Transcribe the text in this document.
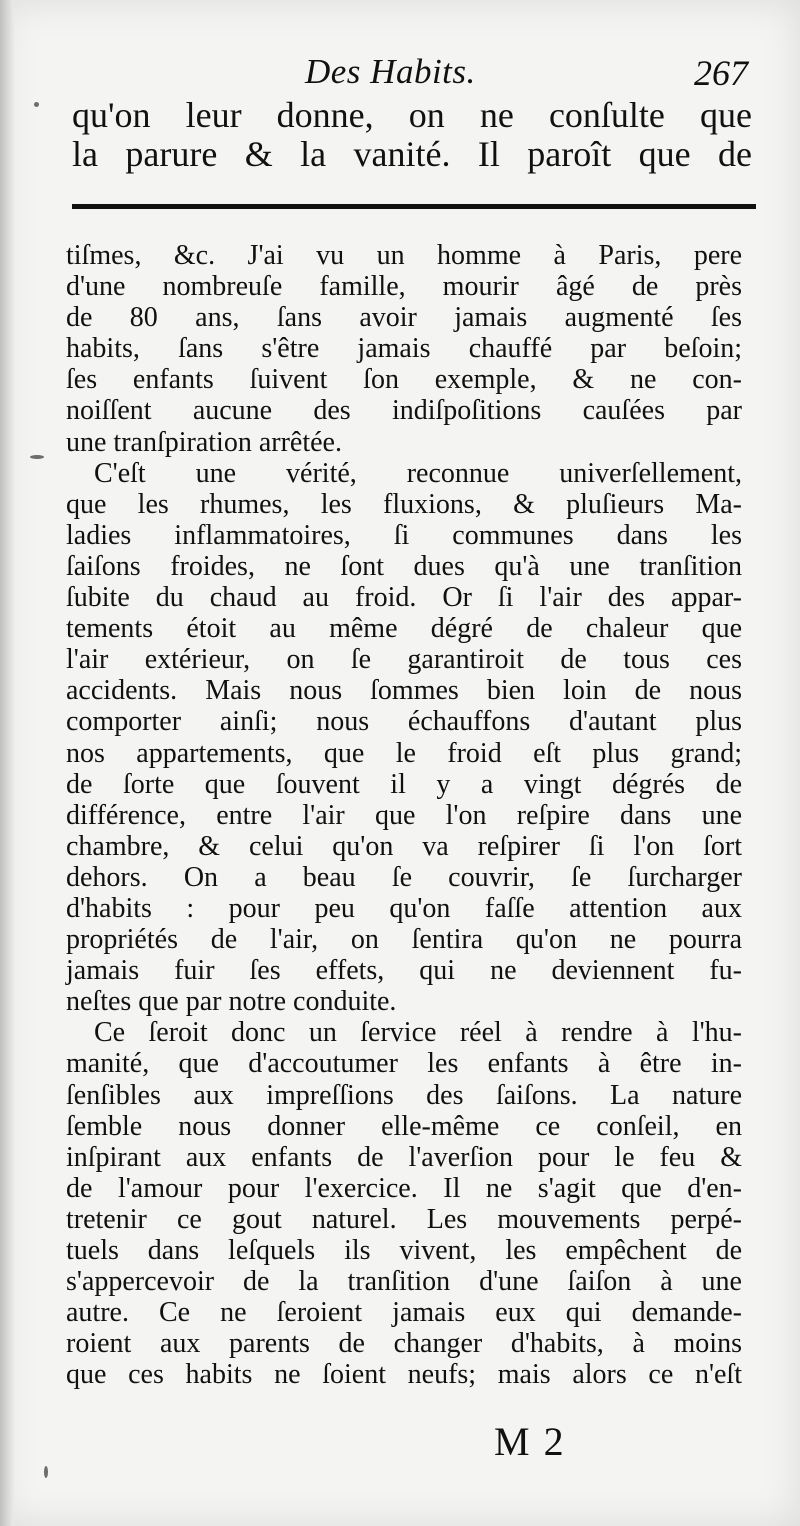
Des Habits.	267
qu'on leur donne, on ne conſulte que
la parure & la vanité. Il paroît que de
tiſmes, &c. J'ai vu un homme à Paris, pere
d'une nombreuſe famille, mourir âgé de près
de 80 ans, ſans avoir jamais augmenté ſes
habits, ſans s'être jamais chauffé par beſoin;
ſes enfants ſuivent ſon exemple, & ne con-
noiſſent aucune des indiſpoſitions cauſées par
une tranſpiration arrêtée.
C'eſt une vérité, reconnue univerſellement,
que les rhumes, les fluxions, & pluſieurs Ma-
ladies inflammatoires, ſi communes dans les
ſaiſons froides, ne ſont dues qu'à une tranſition
ſubite du chaud au froid. Or ſi l'air des appar-
tements étoit au même dégré de chaleur que
l'air extérieur, on ſe garantiroit de tous ces
accidents. Mais nous ſommes bien loin de nous
comporter ainſi; nous échauffons d'autant plus
nos appartements, que le froid eſt plus grand;
de ſorte que ſouvent il y a vingt dégrés de
différence, entre l'air que l'on reſpire dans une
chambre, & celui qu'on va reſpirer ſi l'on ſort
dehors. On a beau ſe couvrir, ſe ſurcharger
d'habits : pour peu qu'on faſſe attention aux
propriétés de l'air, on ſentira qu'on ne pourra
jamais fuir ſes effets, qui ne deviennent fu-
neſtes que par notre conduite.
Ce ſeroit donc un ſervice réel à rendre à l'hu-
manité, que d'accoutumer les enfants à être in-
ſenſibles aux impreſſions des ſaiſons. La nature
ſemble nous donner elle-même ce conſeil, en
inſpirant aux enfants de l'averſion pour le feu &
de l'amour pour l'exercice. Il ne s'agit que d'en-
tretenir ce gout naturel. Les mouvements perpé-
tuels dans leſquels ils vivent, les empêchent de
s'appercevoir de la tranſition d'une ſaiſon à une
autre. Ce ne ſeroient jamais eux qui demande-
roient aux parents de changer d'habits, à moins
que ces habits ne ſoient neufs; mais alors ce n'eſt
M 2
